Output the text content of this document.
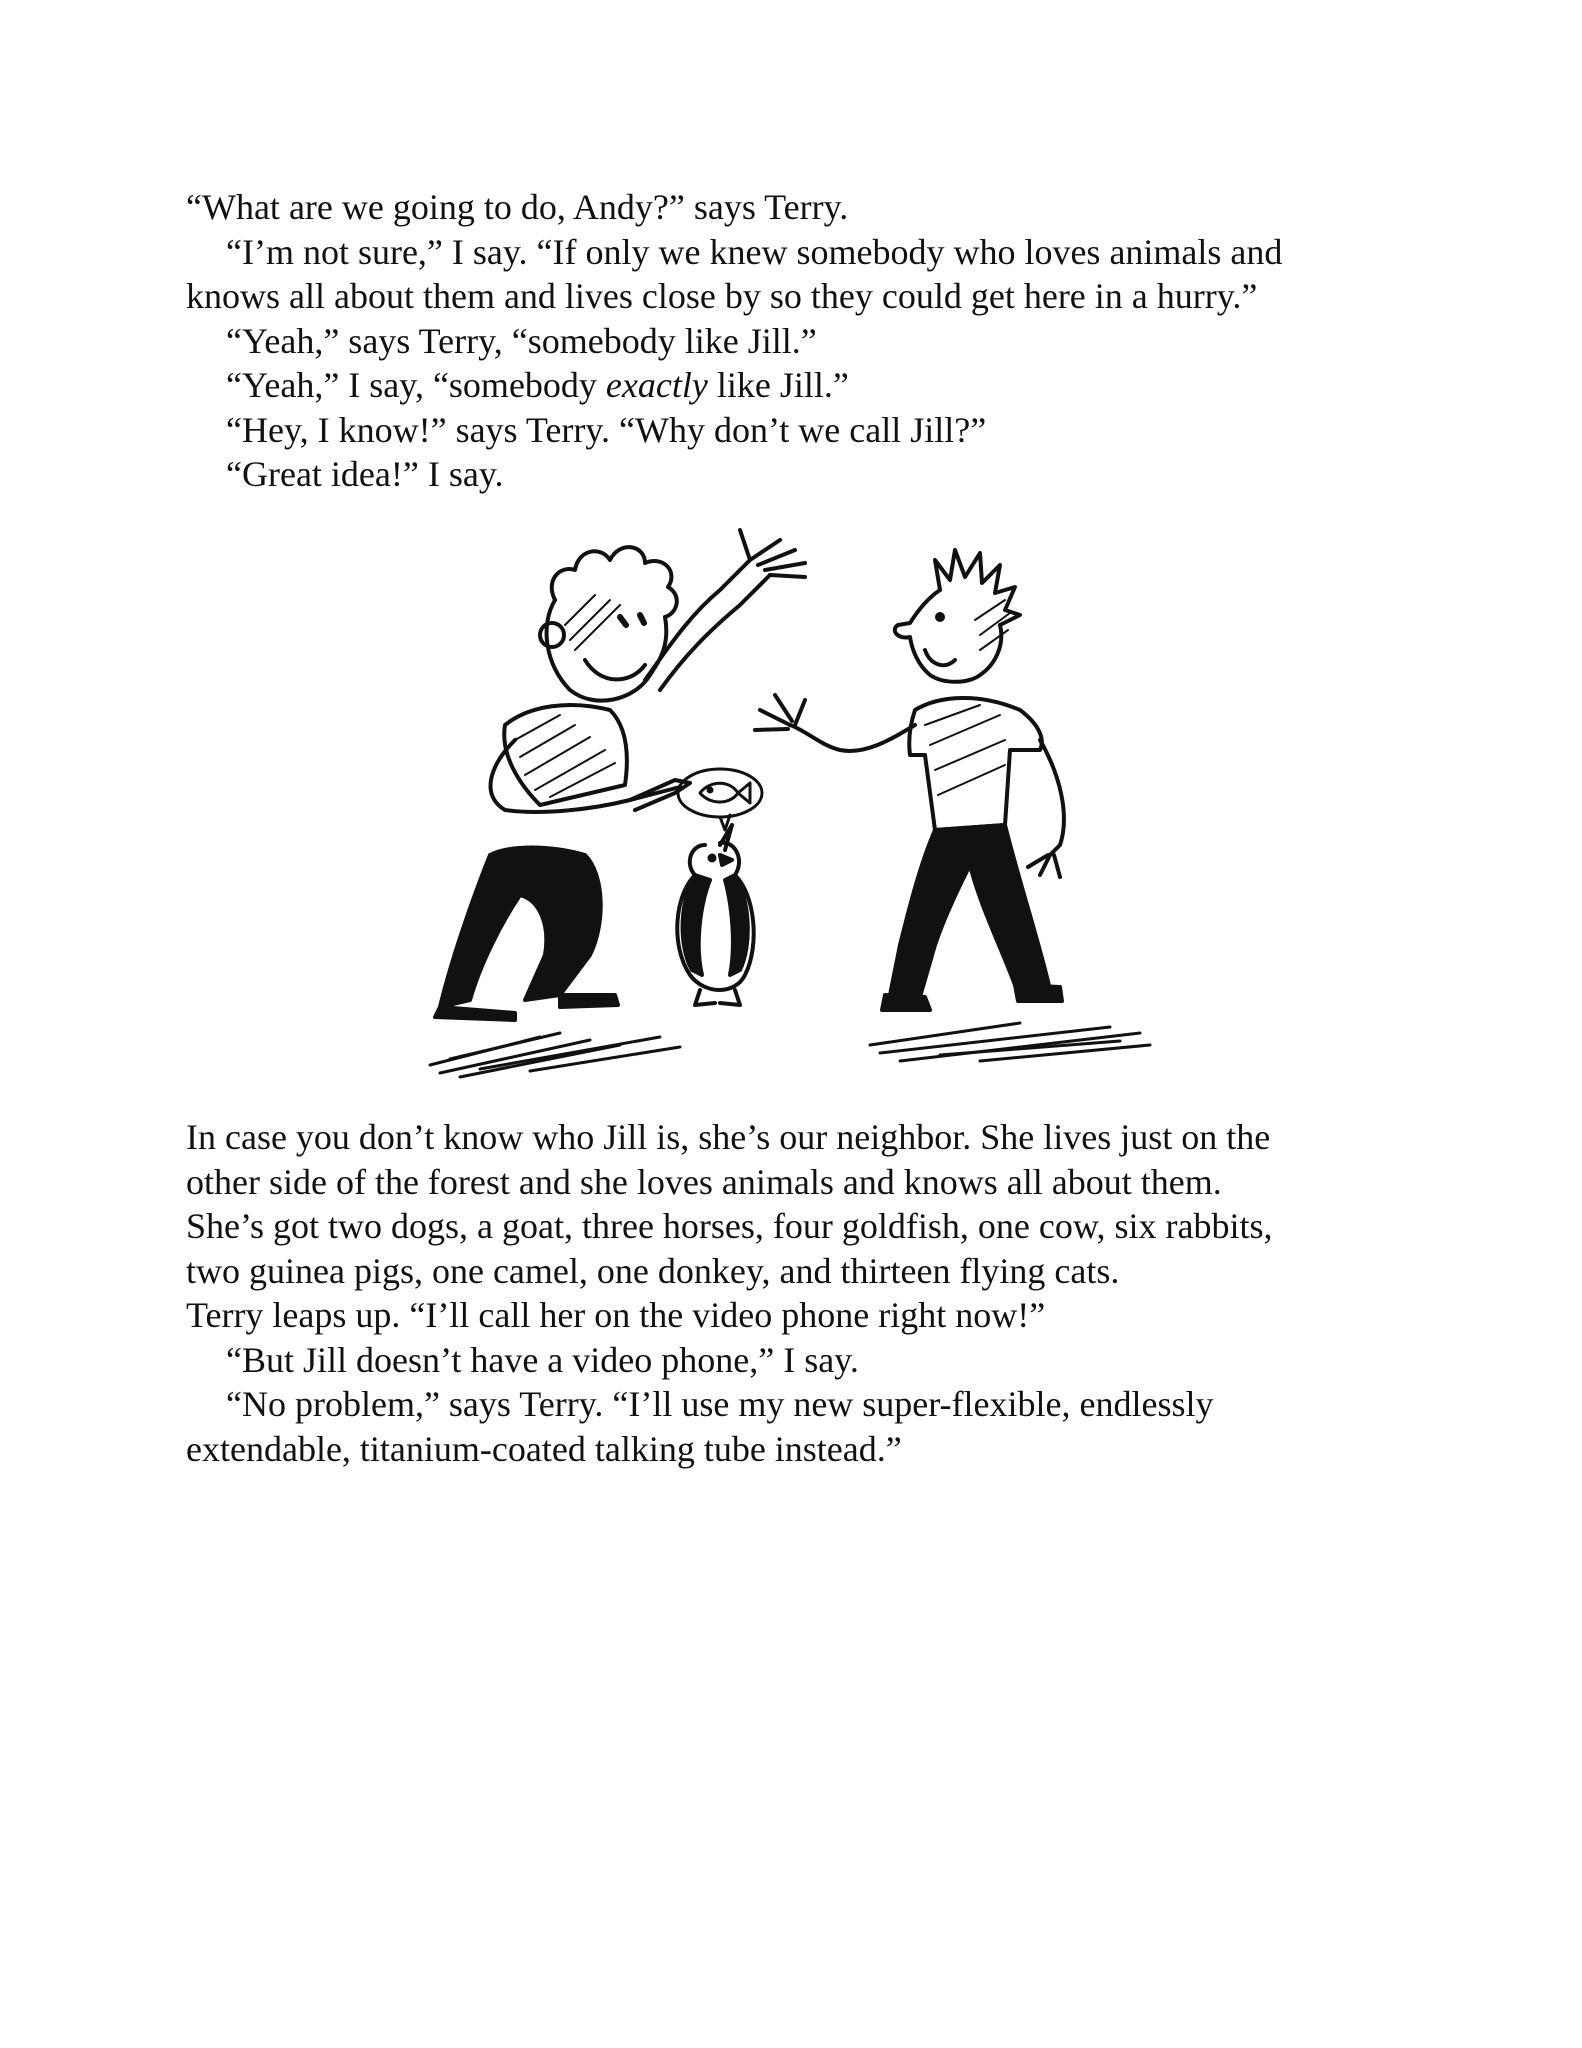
“What are we going to do, Andy?” says Terry.

“I’m not sure,” I say. “If only we knew somebody who loves animals and

knows all about them and lives close by so they could get here in a hurry.”

“Yeah,” says Terry, “somebody like Jill.”

“Yeah,” I say, “somebody exactly like Jill.”

“Hey, I know!” says Terry. “Why don’t we call Jill?”

“Great idea!” I say.

In case you don’t know who Jill is, she’s our neighbor. She lives just on the

other side of the forest and she loves animals and knows all about them.

She’s got two dogs, a goat, three horses, four goldfish, one cow, six rabbits,

two guinea pigs, one camel, one donkey, and thirteen flying cats.

Terry leaps up. “I’ll call her on the video phone right now!”

“But Jill doesn’t have a video phone,” I say.

“No problem,” says Terry. “I’ll use my new super-flexible, endlessly

extendable, titanium-coated talking tube instead.”
